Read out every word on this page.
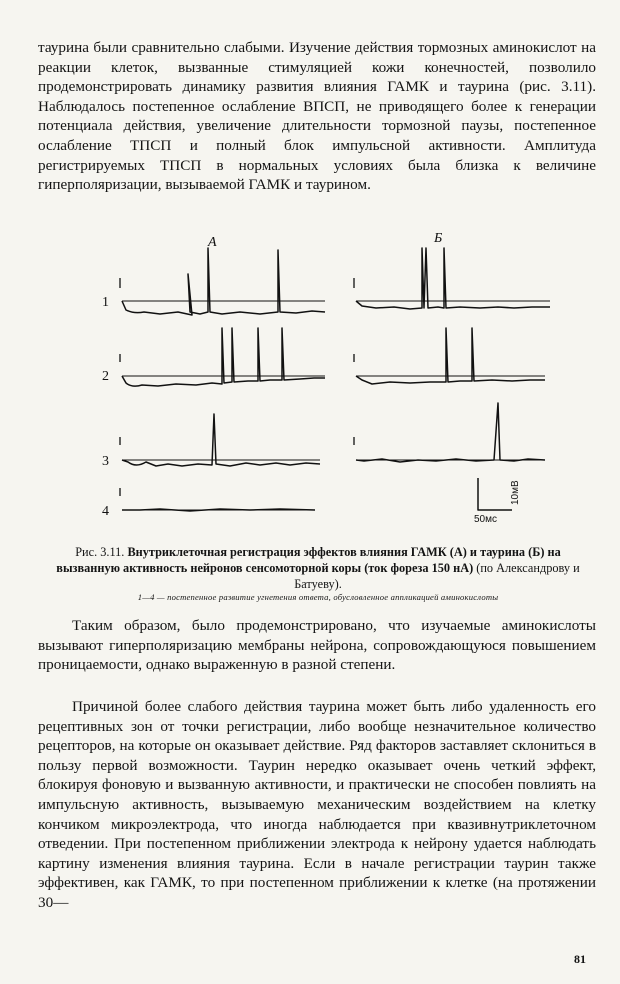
таурина были сравнительно слабыми. Изучение действия тормозных аминокислот на реакции клеток, вызванные стимуляцией кожи конечностей, позволило продемонстрировать динамику развития влияния ГАМК и таурина (рис. 3.11). Наблюдалось постепенное ослабление ВПСП, не приводящего более к генерации потенциала действия, увеличение длительности тормозной паузы, постепенное ослабление ТПСП и полный блок импульсной активности. Амплитуда регистрируемых ТПСП в нормальных условиях была близка к величине гиперполяризации, вызываемой ГАМК и таурином.

А	Б
1
2
3
4
10мВ
50мс

Рис. 3.11. Внутриклеточная регистрация эффектов влияния ГАМК (А) и таурина (Б) на вызванную активность нейронов сенсомоторной коры (ток фореза 150 нА) (по Александрову и Батуеву).

1—4 — постепенное развитие угнетения ответа, обусловленное аппликацией аминокислоты

Таким образом, было продемонстрировано, что изучаемые аминокислоты вызывают гиперполяризацию мембраны нейрона, сопровождающуюся повышением проницаемости, однако выраженную в разной степени.

Причиной более слабого действия таурина может быть либо удаленность его рецептивных зон от точки регистрации, либо вообще незначительное количество рецепторов, на которые он оказывает действие. Ряд факторов заставляет склониться в пользу первой возможности. Таурин нередко оказывает очень четкий эффект, блокируя фоновую и вызванную активности, и практически не способен повлиять на импульсную активность, вызываемую механическим воздействием на клетку кончиком микроэлектрода, что иногда наблюдается при квазивнутриклеточном отведении. При постепенном приближении электрода к нейрону удается наблюдать картину изменения влияния таурина. Если в начале регистрации таурин также эффективен, как ГАМК, то при постепенном приближении к клетке (на протяжении 30—

81
